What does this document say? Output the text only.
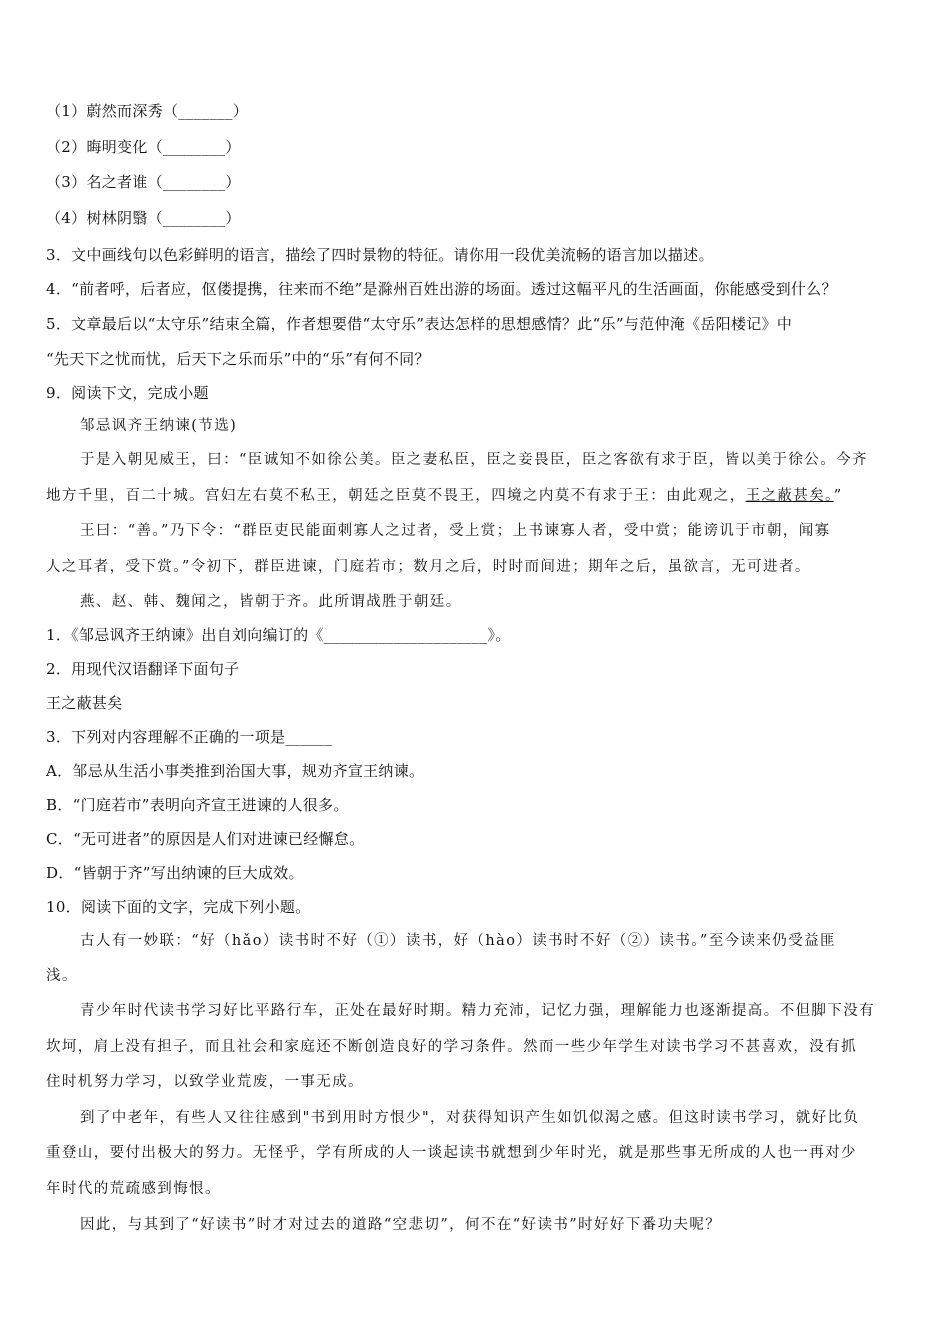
（1）蔚然而深秀（_______）
（2）晦明变化（________）
（3）名之者谁（________）
（4）树林阴翳（________）
3．文中画线句以色彩鲜明的语言，描绘了四时景物的特征。请你用一段优美流畅的语言加以描述。
4．“前者呼，后者应，伛偻提携，往来而不绝”是滁州百姓出游的场面。透过这幅平凡的生活画面，你能感受到什么？
5．文章最后以“太守乐”结束全篇，作者想要借“太守乐”表达怎样的思想感情？此“乐”与范仲淹《岳阳楼记》中
“先天下之忧而忧，后天下之乐而乐”中的“乐”有何不同？
9．阅读下文，完成小题
邹忌讽齐王纳谏(节选)
于是入朝见威王，曰：“臣诚知不如徐公美。臣之妻私臣，臣之妾畏臣，臣之客欲有求于臣，皆以美于徐公。今齐
地方千里，百二十城。宫妇左右莫不私王，朝廷之臣莫不畏王，四境之内莫不有求于王：由此观之，王之蔽甚矣。”
王曰：“善。”乃下令：“群臣吏民能面刺寡人之过者，受上赏；上书谏寡人者，受中赏；能谤讥于市朝，闻寡
人之耳者，受下赏。”令初下，群臣进谏，门庭若市；数月之后，时时而间进；期年之后，虽欲言，无可进者。
燕、赵、韩、魏闻之，皆朝于齐。此所谓战胜于朝廷。
1．《邹忌讽齐王纳谏》出自刘向编订的《_____________________》。
2．用现代汉语翻译下面句子
王之蔽甚矣
3．下列对内容理解不正确的一项是______
A．邹忌从生活小事类推到治国大事，规劝齐宣王纳谏。
B．“门庭若市”表明向齐宣王进谏的人很多。
C．“无可进者”的原因是人们对进谏已经懈怠。
D．“皆朝于齐”写出纳谏的巨大成效。
10．阅读下面的文字，完成下列小题。
古人有一妙联：“好（hǎo）读书时不好（①）读书，好（hào）读书时不好（②）读书。”至今读来仍受益匪
浅。
青少年时代读书学习好比平路行车，正处在最好时期。精力充沛，记忆力强，理解能力也逐渐提高。不但脚下没有
坎坷，肩上没有担子，而且社会和家庭还不断创造良好的学习条件。然而一些少年学生对读书学习不甚喜欢，没有抓
住时机努力学习，以致学业荒废，一事无成。
到了中老年，有些人又往往感到"书到用时方恨少"，对获得知识产生如饥似渴之感。但这时读书学习，就好比负
重登山，要付出极大的努力。无怪乎，学有所成的人一谈起读书就想到少年时光，就是那些事无所成的人也一再对少
年时代的荒疏感到悔恨。
因此，与其到了“好读书”时才对过去的道路“空悲切”，何不在“好读书”时好好下番功夫呢？
